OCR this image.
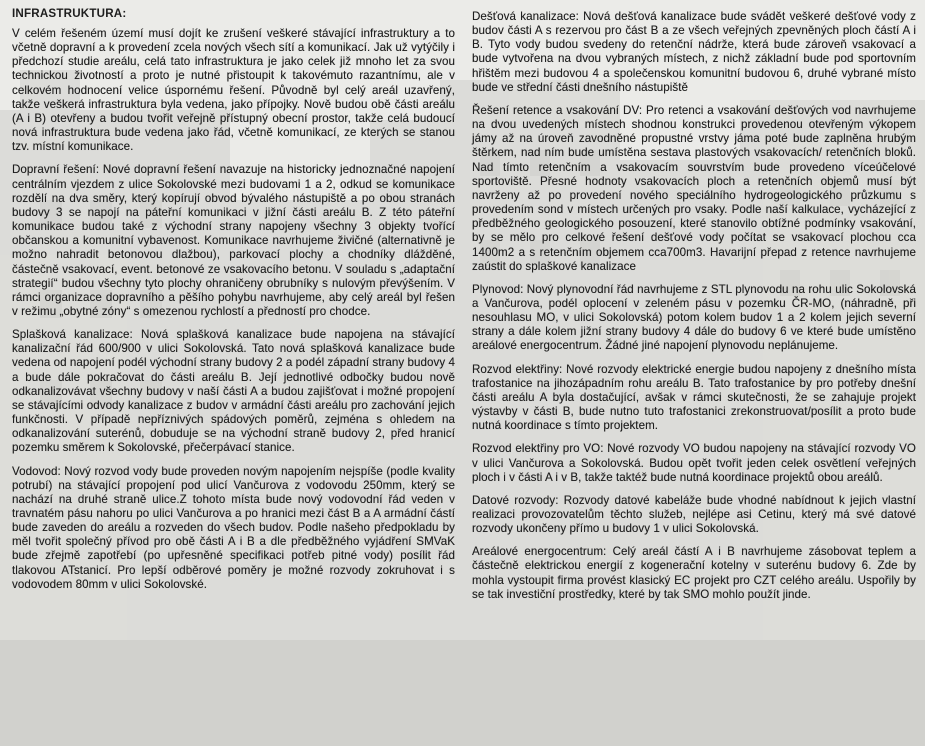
INFRASTRUKTURA:

V celém řešeném území musí dojít ke zrušení veškeré stávající infrastruktury a to včetně dopravní a k provedení zcela nových všech sítí a komunikací. Jak už vytýčily i předchozí studie areálu, celá tato infrastruktura je jako celek již mnoho let za svou technickou životností a proto je nutné přistoupit k takovémuto razantnímu, ale v celkovém hodnocení velice úspornému řešení. Původně byl celý areál uzavřený, takže veškerá infrastruktura byla vedena, jako přípojky. Nově budou obě části areálu (A i B) otevřeny a budou tvořit veřejně přístupný obecní prostor, takže celá budoucí nová infrastruktura bude vedena jako řád, včetně komunikací, ze kterých se stanou tzv. místní komunikace.

Dopravní řešení: Nové dopravní řešení navazuje na historicky jednoznačné napojení centrálním vjezdem z ulice Sokolovské mezi budovami 1 a 2, odkud se komunikace rozdělí na dva směry, který kopírují obvod bývalého nástupiště a po obou stranách budovy 3 se napojí na páteřní komunikaci v jižní části areálu B. Z této páteřní komunikace budou také z východní strany napojeny všechny 3 objekty tvořící občanskou a komunitní vybavenost. Komunikace navrhujeme živičné (alternativně je možno nahradit betonovou dlažbou), parkovací plochy a chodníky dlážděné, částečně vsakovací, event. betonové ze vsakovacího betonu. V souladu s „adaptační strategií“ budou všechny tyto plochy ohraničeny obrubníky s nulovým převýšením. V rámci organizace dopravního a pěšího pohybu navrhujeme, aby celý areál byl řešen v režimu „obytné zóny“ s omezenou rychlostí a předností pro chodce.

Splašková kanalizace: Nová splašková kanalizace bude napojena na stávající kanalizační řád 600/900 v ulici Sokolovská. Tato nová splašková kanalizace bude vedena od napojení podél východní strany budovy 2 a podél západní strany budovy 4 a bude dále pokračovat do části areálu B. Její jednotlivé odbočky budou nově odkanalizovávat všechny budovy v naší části A a budou zajišťovat i možné propojení se stávajícími odvody kanalizace z budov v armádní části areálu pro zachování jejich funkčnosti. V případě nepříznivých spádových poměrů, zejména s ohledem na odkanalizování suterénů, dobuduje se na východní straně budovy 2, před hranicí pozemku směrem k Sokolovské, přečerpávací stanice.

Vodovod: Nový rozvod vody bude proveden novým napojením nejspíše (podle kvality potrubí) na stávající propojení pod ulicí Vančurova z vodovodu 250mm, který se nachází na druhé straně ulice.Z tohoto místa bude nový vodovodní řád veden v travnatém pásu nahoru po ulici Vančurova a po hranici mezi část B a A armádní částí bude zaveden do areálu a rozveden do všech budov. Podle našeho předpokladu by měl tvořit společný přívod pro obě části A i B a dle předběžného vyjádření SMVaK bude zřejmě zapotřebí (po upřesněné specifikaci potřeb pitné vody) posílit řád tlakovou ATstanicí. Pro lepší odběrové poměry je možné rozvody zokruhovat i s vodovodem 80mm v ulici Sokolovské.

Dešťová kanalizace: Nová dešťová kanalizace bude svádět veškeré dešťové vody z budov části A s rezervou pro část B a ze všech veřejných zpevněných ploch částí A i B. Tyto vody budou svedeny do retenční nádrže, která bude zároveň vsakovací a bude vytvořena na dvou vybraných místech, z nichž základní bude pod sportovním hřištěm mezi budovou 4 a společenskou komunitní budovou 6, druhé vybrané místo bude ve střední části dnešního nástupiště

Řešení retence a vsakování DV: Pro retenci a vsakování dešťových vod navrhujeme na dvou uvedených místech shodnou konstrukci provedenou otevřeným výkopem jámy až na úroveň zavodněné propustné vrstvy jáma poté bude zaplněna hrubým štěrkem, nad ním bude umístěna sestava plastových vsakovacích/ retenčních bloků. Nad tímto retenčním a vsakovacím souvrstvím bude provedeno víceúčelové sportoviště. Přesné hodnoty vsakovacích ploch a retenčních objemů musí být navrženy až po provedení nového speciálního hydrogeologického průzkumu s provedením sond v místech určených pro vsaky. Podle naší kalkulace, vycházející z předběžného geologického posouzení, které stanovilo obtížné podmínky vsakování, by se mělo pro celkové řešení dešťové vody počítat se vsakovací plochou cca 1400m2 a s retenčním objemem cca700m3. Havarijní přepad z retence navrhujeme zaústit do splaškové kanalizace

Plynovod: Nový plynovodní řád navrhujeme z STL plynovodu na rohu ulic Sokolovská a Vančurova, podél oplocení v zeleném pásu v pozemku ČR-MO, (náhradně, při nesouhlasu MO, v ulici Sokolovská) potom kolem budov 1 a 2 kolem jejich severní strany a dále kolem jižní strany budovy 4 dále do budovy 6 ve které bude umístěno areálové energocentrum. Žádné jiné napojení plynovodu neplánujeme.

Rozvod elektřiny: Nové rozvody elektrické energie budou napojeny z dnešního místa trafostanice na jihozápadním rohu areálu B. Tato trafostanice by pro potřeby dnešní části areálu A byla dostačující, avšak v rámci skutečnosti, že se zahajuje projekt výstavby v části B, bude nutno tuto trafostanici zrekonstruovat/posílit a proto bude nutná koordinace s tímto projektem.

Rozvod elektřiny pro VO: Nové rozvody VO budou napojeny na stávající rozvody VO v ulici Vančurova a Sokolovská. Budou opět tvořit jeden celek osvětlení veřejných ploch i v části A i v B, takže taktéž bude nutná koordinace projektů obou areálů.

Datové rozvody: Rozvody datové kabeláže bude vhodné nabídnout k jejich vlastní realizaci provozovatelům těchto služeb, nejlépe asi Cetinu, který má své datové rozvody ukončeny přímo u budovy 1 v ulici Sokolovská.

Areálové energocentrum: Celý areál částí A i B navrhujeme zásobovat teplem a částečně elektrickou energií z kogenerační kotelny v suterénu budovy 6. Zde by mohla vystoupit firma provést klasický EC projekt pro CZT celého areálu. Uspořily by se tak investiční prostředky, které by tak SMO mohlo použít jinde.
